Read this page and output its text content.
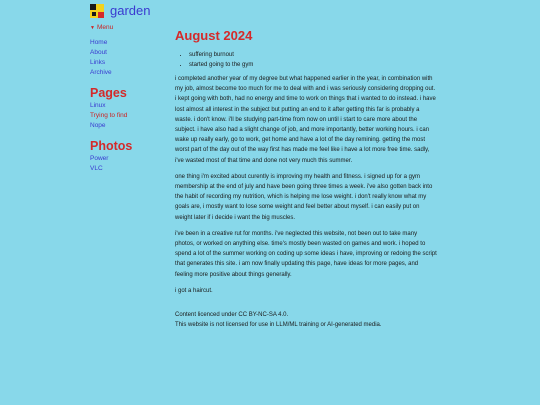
garden
▼ Menu
Home
About
Links
Archive
Pages
Linux
Trying to find
Nope
Photos
Power
VLC
August 2024
• suffering burnout
• started going to the gym

i completed another year of my degree but what happened earlier in the year, in combination with my job, almost become too much for me to deal with and i was seriously considering dropping out. i kept going with both, had no energy and time to work on things that i wanted to do instead. i have lost almost all interest in the subject but putting an end to it after getting this far is probably a waste. i don't know. i'll be studying part-time from now on until i start to care more about the subject. i have also had a slight change of job, and more importantly, better working hours. i can wake up really early, go to work, get home and have a lot of the day remining. getting the most worst part of the day out of the way first has made me feel like i have a lot more free time. sadly, i've wasted most of that time and done not very much this summer.

one thing i'm excited about curently is improving my health and fitness. i signed up for a gym membership at the end of july and have been going three times a week. i've also gotten back into the habit of recording my nutrition, which is helping me lose weight. i don't really know what my goals are, i mostly want to lose some weight and feel better about myself. i can easily put on weight later if i decide i want the big muscles.

i've been in a creative rut for months. i've neglected this website, not been out to take many photos, or worked on anything else. time's mostly been wasted on games and work. i hoped to spend a lot of the summer working on coding up some ideas i have, improving or redoing the script that generates this site. i am now finally updating this page, have ideas for more pages, and feeling more positive about things generally.

i got a haircut.

Content licenced under CC BY-NC-SA 4.0.
This website is not licensed for use in LLM/ML training or AI-generated media.
